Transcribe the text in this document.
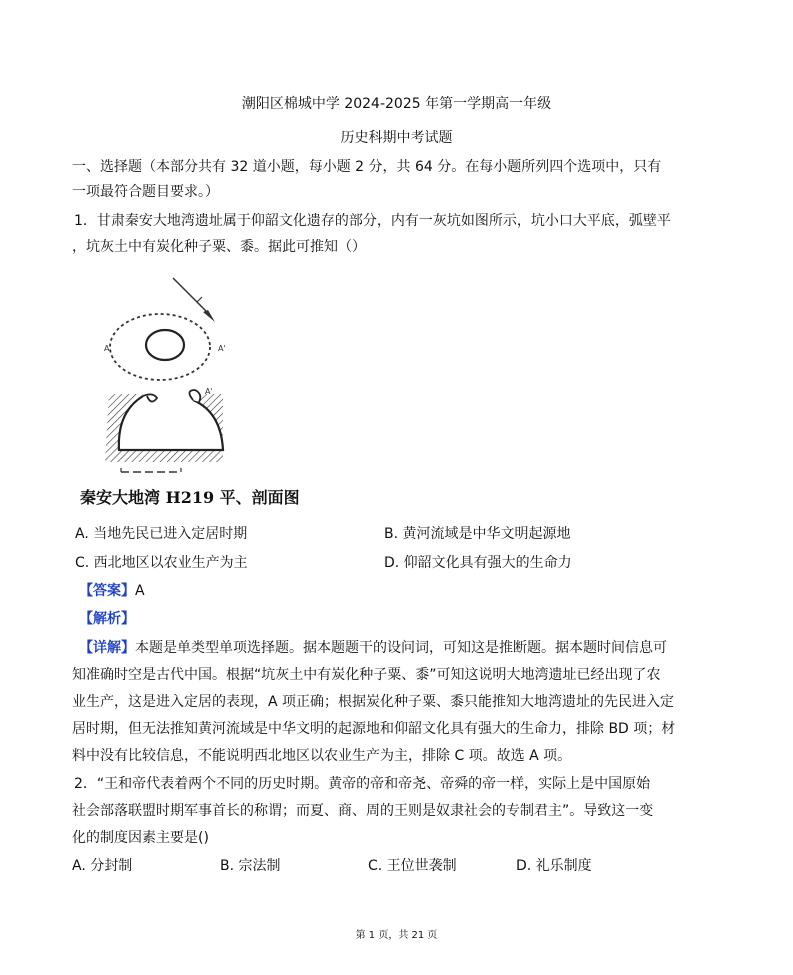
潮阳区棉城中学 2024-2025 年第一学期高一年级
历史科期中考试题
一、选择题（本部分共有 32 道小题，每小题 2 分，共 64 分。在每小题所列四个选项中，只有
一项最符合题目要求。）
1．甘肃秦安大地湾遗址属于仰韶文化遗存的部分，内有一灰坑如图所示，坑小口大平底，弧壁平
，坑灰土中有炭化种子粟、黍。据此可推知（）
A	A'
A'
秦安大地湾 H219 平、剖面图
A. 当地先民已进入定居时期	B. 黄河流域是中华文明起源地
C. 西北地区以农业生产为主	D. 仰韶文化具有强大的生命力
【答案】A
【解析】
【详解】本题是单类型单项选择题。据本题题干的设问词，可知这是推断题。据本题时间信息可
知准确时空是古代中国。根据“坑灰土中有炭化种子粟、黍”可知这说明大地湾遗址已经出现了农
业生产，这是进入定居的表现，A 项正确；根据炭化种子粟、黍只能推知大地湾遗址的先民进入定
居时期，但无法推知黄河流域是中华文明的起源地和仰韶文化具有强大的生命力，排除 BD 项；材
料中没有比较信息，不能说明西北地区以农业生产为主，排除 C 项。故选 A 项。
2．“王和帝代表着两个不同的历史时期。黄帝的帝和帝尧、帝舜的帝一样，实际上是中国原始
社会部落联盟时期军事首长的称谓；而夏、商、周的王则是奴隶社会的专制君主”。导致这一变
化的制度因素主要是()
A. 分封制	B. 宗法制	C. 王位世袭制	D. 礼乐制度
第 1 页，共 21 页
